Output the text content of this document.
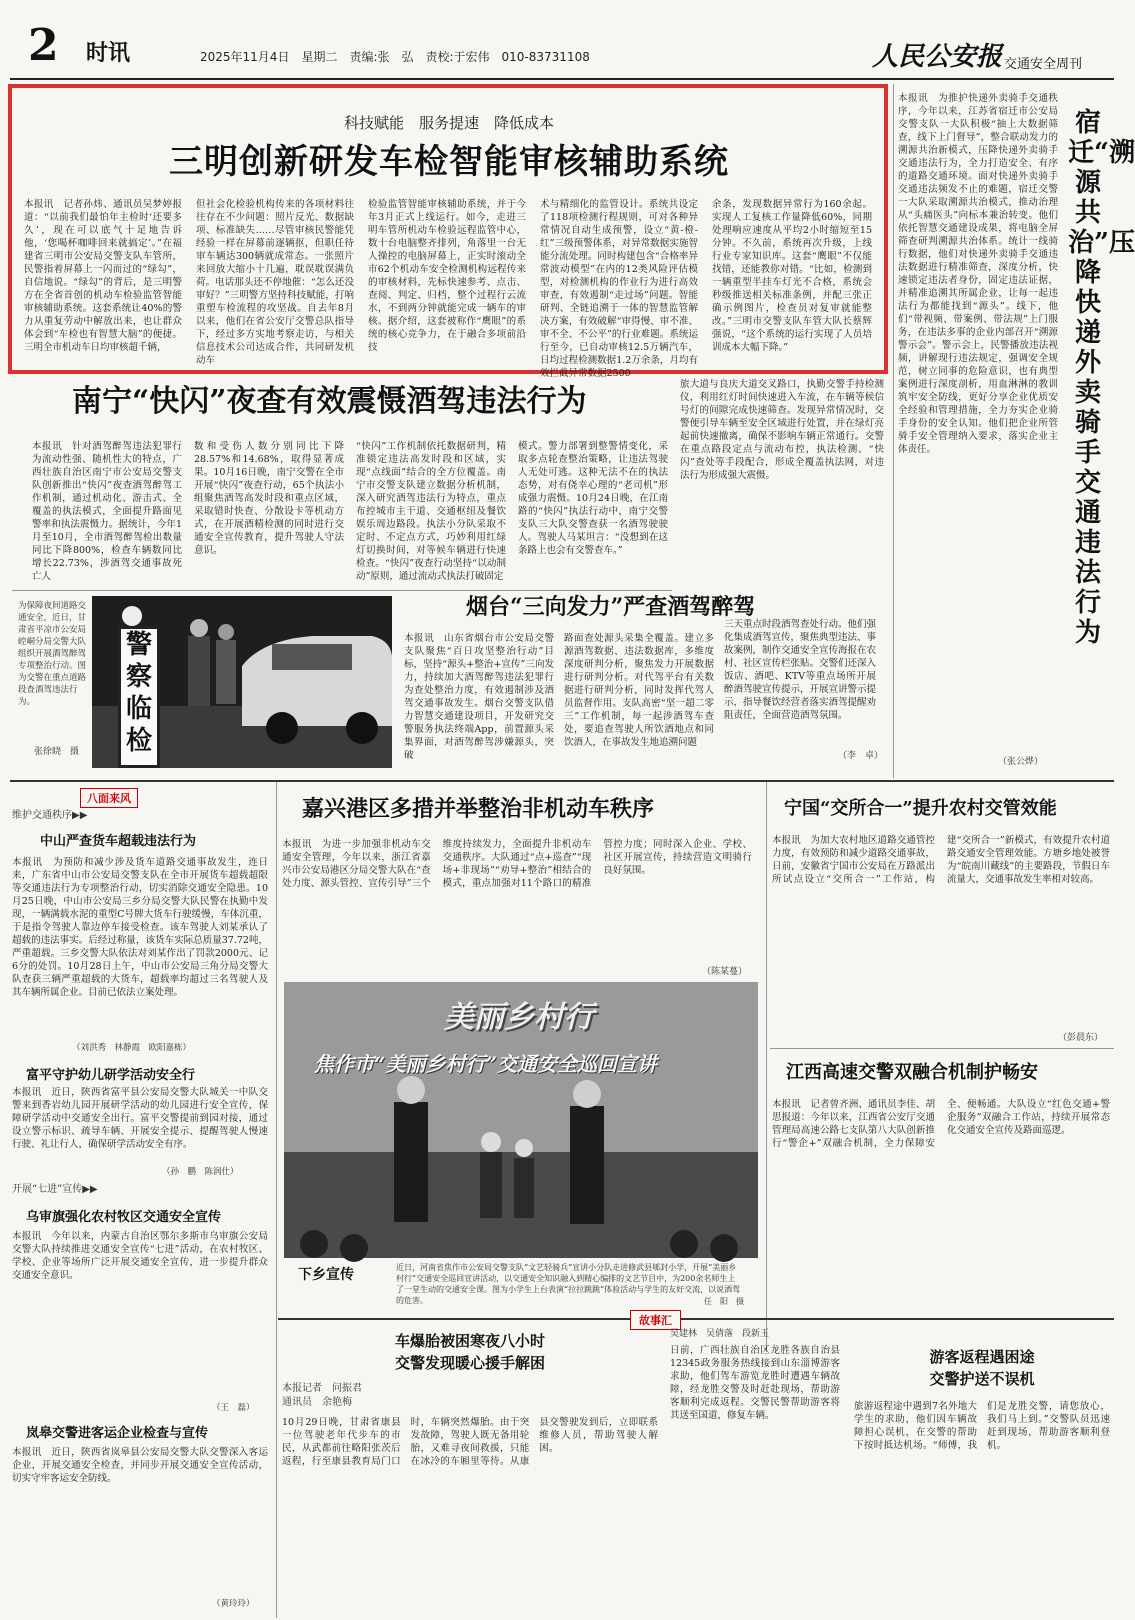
2 时讯	2025年11月4日　星期二　责编:张　弘　责校:于宏伟　010-83731108	人民公安报 交通安全周刊
科技赋能　服务提速　降低成本
三明创新研发车检智能审核辅助系统
本报讯　记者孙炜、通讯员吴梦婷报道：“以前我们最怕年主检时‘还要多久’，现在可以底气十足地告诉他，‘您喝杯咖啡回来就搞定’。”在福建省三明市公安局交警支队车管所，民警指着屏幕上一闪而过的“绿勾”，自信地说。“绿勾”的背后，是三明警方在全省首创的机动车检验监管智能审核辅助系统。这套系统让40%的警力从重复劳动中解放出来，也让群众体会到“车检也有智慧大脑”的便捷。三明全市机动车日均审核超千辆，
但社会化检验机构传来的各项材料往往存在不少问题：照片反光、数据缺项、标准缺失……尽管审核民警能凭经验一样在屏幕前逐辆抠，但职任待审车辆达300辆就成常态。一张照片来回放大缩小十几遍，耽误耽误满负荷。电话那头还不停地催：“怎么还没审好？”三明警方坚持科技赋能，打响重塑车检流程的攻坚战。自去年8月以来，他们在省公安厅交警总队指导下，经过多方实地考察走访，与相关信息技术公司达成合作，共同研发机动车
检验监管智能审核辅助系统，并于今年3月正式上线运行。如今，走进三明车管所机动车检验远程监管中心，数十台电脑整齐排列，角落里一台无人操控的电脑屏幕上，正实时滚动全市62个机动车安全检测机构远程传来的审核材料，先标快速参考、点击、查阅、判定、归档，整个过程行云流水，不到两分钟就能完成一辆车的审核。据介绍，这套被称作“鹰眼”的系统的核心竞争力，在于融合多项前沿技
术与精细化的监管设计。系统共设定了118项检测行程规则，可对各种异常情况自动生成预警，设立“黄-橙-红”三级预警体系，对异常数据实施智能分流处理。同时构建包含“合格率异常波动模型”在内的12类风险评估模型，对检测机构的作业行为进行高效审查，有效遏制“走过场”问题。智能研判、全链追溯于一体的智慧监管解决方案，有效破解“审得慢、审不准、审不全、不公平”的行业难题。系统运行至今，已自动审核12.5万辆汽车，日均过程检测数据1.2万余条，月均有效拦截异常数据2500
余条，发现数据异常行为160余起。实现人工复核工作量降低60%，同期处理响应速度从平均2小时缩短至15分钟。不久前，系统再次升级，上线行业专家知识库。这套“鹰眼”不仅能找错，还能教你对错。“比如，检测到一辆重型半挂车灯光不合格，系统会秒级推送相关标准条例，并配三张正确示例图片，检查员对复审就能整改。”三明市交警支队车管大队长蔡辉强说，“这个系统的运行实现了人员培训成本大幅下降。”
本报讯　为推护快递外卖骑手交通秩序，今年以来，江苏省宿迁市公安局交警支队一大队积极“抽上大数据筛查，线下上门督导”，整合联动发力的溯源共治新模式，压降快递外卖骑手交通违法行为，全力打造安全、有序的道路交通环境。面对快递外卖骑手交通违法频发不止的难题，宿迁交警一大队采取溯源共治模式，推动治理从“头痛医头”向标本兼治转变。他们依托智慧交通建设成果，将电脑全屏筛查研判溯源共治体系。统计一线骑行数据，他们对快递外卖骑手交通违法数据进行精准筛查，深度分析，快速锁定违法者身份，固定违法证据，并精准追溯其所属企业，让每一起违法行为都能找到“源头”。线下，他们“带视频、带案例、带法规”上门服务，在违法多事的企业内部召开“溯源警示会”。警示会上，民警播放违法视频，讲解现行违法规定，强调安全规范，树立同事的危险意识，也有典型案例进行深度剖析，用血淋淋的教训筑牢安全防线，更好分享企业优质安全经验和管理措施，全力夯实企业骑手身份的安全认知。他们把企业所管骑手安全管理纳入要求，落实企业主体责任。
宿迁“溯源共治”压降快递外卖骑手交通违法行为
（张公烨）
南宁“快闪”夜查有效震慑酒驾违法行为
本报讯　针对酒驾醉驾违法犯罪行为流动性强、随机性大的特点，广西壮族自治区南宁市公安局交警支队创新推出“快闪”夜查酒驾醉驾工作机制，通过机动化、游击式、全覆盖的执法模式，全面提升路面见警率和执法震慑力。据统计，今年1月至10月，全市酒驾醉驾检出数量同比下降800%，检查车辆数同比增长22.73%，涉酒驾交通事故死亡人
数和受伤人数分别同比下降28.57%和14.68%，取得显著成果。10月16日晚，南宁交警在全市开展“快闪”夜查行动，65个执法小组聚焦酒驾高发时段和重点区域，采取错时快查、分散设卡等机动方式，在开展酒精检测的同时进行交通安全宣传教育，提升驾驶人守法意识。
“快闪”工作机制依托数据研判，精准锁定违法高发时段和区域，实现“点线面”结合的全方位覆盖。南宁市交警支队建立数据分析机制，深入研究酒驾违法行为特点，重点布控城市主干道、交通枢纽及餐饮娱乐周边路段。执法小分队采取不定时、不定点方式，巧妙利用红绿灯切换时间，对等候车辆进行快速检查。“快闪”夜查行动坚持“以动制动”原则，通过流动式执法打破固定
模式。警力部署到整警情变化，采取多点轮查整治策略，让违法驾驶人无处可逃。这种无法不在的执法态势，对有侥幸心理的“老司机”形成强力震慑。10月24日晚，在江南路的“快闪”执法行动中，南宁交警支队三大队交警查获一名酒驾驶驶人。驾驶人马某坦言：“没想到在这条路上也会有交警查车。”
旅大道与良庆大道交叉路口，执勤交警手持检测仪，利用红灯时间快速进入车流，在车辆等候信号灯的间隙完成快速筛查。发现异常情况时，交警便引导车辆至安全区域进行处置，并在绿灯亮起前快速撤离，确保不影响车辆正常通行。交警在重点路段定点与流动布控，执法检测、“快闪”查处等手段配合，形成全覆盖执法网，对违法行为形成强大震慑。
为保障夜间道路交通安全，近日，甘肃省平凉市公安局崆峒分局交警大队组织开展酒驾醉驾专项整治行动。图为交警在重点道路段查酒驾违法行为。
张徐晓　摄
警察临检
烟台“三向发力”严查酒驾醉驾
本报讯　山东省烟台市公安局交警支队聚焦“百日攻坚整治行动”目标，坚持“源头+整治+宣传”三向发力，持续加大酒驾醉驾违法犯罪行为查处整治力度，有效遏制涉及酒驾交通事故发生。烟台交警支队借力智慧交通建设项目，开发研究交警服务执法终端App，前置源头采集界面，对酒驾醉驾涉嫌源头，突破
路面查处源头采集全覆盖。建立多源酒驾数据、违法数据库，多维度深度研判分析，聚焦发力开展数据进行研判分析。对代驾平台有关数据进行研判分析，同时发挥代驾人员监督作用。支队高密“坚一超二零三”工作机制，每一起涉酒驾车查处，要追查驾驶人所饮酒地点和同饮酒人，在事故发生地追溯问题
三天重点时段酒驾查处行动。他们强化集成酒驾宣传，聚焦典型违法、事故案例，制作交通安全宣传海报在农村、社区宣传栏张贴。交警们还深入饭店、酒吧、KTV等重点场所开展醉酒驾驶宣传提示，开展宣讲警示提示，指导餐饮经营者落实酒驾提醒劝阻责任，全面营造酒驾氛围。
（李　卓）
八面来风
维护交通秩序▶▶
中山严查货车超载违法行为
本报讯　为预防和减少涉及货车道路交通事故发生，连日来，广东省中山市公安局交警支队在全市开展货车超载超限等交通违法行为专项整治行动，切实消除交通安全隐患。10月25日晚，中山市公安局三乡分局交警大队民警在执勤中发现，一辆满载水泥的重型C号牌大货车行驶缓慢，车体沉重，于是指令驾驶人靠边停车接受检查。该车驾驶人刘某承认了超载的违法事实。后经过称量，该货车实际总质量37.72吨，严重超载。三乡交警大队依法对刘某作出了罚款2000元、记6分的处罚。10月28日上午，中山市公安局三角分局交警大队查获三辆严重超载的大货车，超载率均超过三名驾驶人及其车辆所属企业。目前已依法立案处理。
（刘洪秀　林静霞　欧阳嘉栋）
富平守护幼儿研学活动安全行
本报讯　近日，陕西省富平县公安局交警大队城关一中队交警来到香岩幼儿园开展研学活动的幼儿园进行安全宣传，保障研学活动中交通安全出行。富平交警提前到园对接，通过设立警示标识、疏导车辆、开展安全提示、提醒驾驶人慢速行驶、礼让行人，确保研学活动安全有序。
（孙　鹏　陈润仕）
开展“七进”宣传▶▶
乌审旗强化农村牧区交通安全宣传
本报讯　今年以来，内蒙古自治区鄂尔多斯市乌审旗公安局交警大队持续推进交通安全宣传“七进”活动，在农村牧区、学校、企业等场所广泛开展交通安全宣传，进一步提升群众交通安全意识。
（王　磊）
岚皋交警进客运企业检查与宣传
本报讯　近日，陕西省岚皋县公安局交警大队交警深入客运企业，开展交通安全检查，并同步开展交通安全宣传活动，切实守牢客运安全防线。
（黄玲玲）
嘉兴港区多措并举整治非机动车秩序
本报讯　为进一步加强非机动车交通安全管理，今年以来，浙江省嘉兴市公安局港区分局交警大队在“查处力度、源头管控、宣传引导”三个维度持续发力，全面提升非机动车交通秩序。大队通过“点+巡查”“现场+非现场”“劝导+整治”相结合的模式，重点加强对11个路口的精准管控力度；同时深入企业、学校、社区开展宣传，持续营造文明骑行良好氛围。
（陈某蔓）
宁国“交所合一”提升农村交管效能
本报讯　为加大农村地区道路交通管控力度，有效预防和减少道路交通事故，日前，安徽省宁国市公安局在万路派出所试点设立“交所合一”工作站，构建“交所合一”新模式，有效提升农村道路交通安全管理效能。方塘乡地处被誉为“皖南川藏线”的主要路段，节假日车流量大，交通事故发生率相对较高。
（彭晨东）
江西高速交警双融合机制护畅安
本报讯　记者曾齐洲、通讯员李佳、胡思报道：今年以来，江西省公安厅交通管理局高速公路七支队第八大队创新推行“警企+”双融合机制，全力保障安全、便畅通。大队设立“红色交通+警企服务”双融合工作站，持续开展常态化交通安全宣传及路面巡逻。
美丽乡村行
焦作市“美丽乡村行”交通安全巡回宣讲
下乡宣传	近日，河南省焦作市公安局交警支队“文艺轻骑兵”宣讲小分队走进修武县郇封小学，开展“美丽乡村行”交通安全巡回宣讲活动，以交通安全知识融入到精心编排的文艺节目中，为200余名师生上了一堂生动的交通安全课。图为小学生上台表演“拉拉跳跳”体验活动与学生的友好交流，以说酒驾的危害。	任　阳　摄
故事汇
车爆胎被困寒夜八小时
交警发现暖心援手解困
本报记者　问振君
通讯员　余艳梅
10月29日晚，甘肃省康县一位驾驶老年代步车的市民，从武都前往略阳张茨后返程，行至康县教育局门口时，车辆突然爆胎。由于突发故障，驾驶人既无备用轮胎，又难寻夜间救援，只能在冰冷的车厢里等待。从康县交警驶发到后，立即联系维修人员，帮助驾驶人解困。
吴建林　吴倩落　段新玉
日前，广西壮族自治区龙胜各族自治县12345政务服务热线接到山东淄博游客求助，他们驾车游览龙胜时遭遇车辆故障，经龙胜交警及时赶赴现场，帮助游客顺利完成返程。交警民警帮助游客将其送至国道，修复车辆。
游客返程遇困途
交警护送不误机
旅游返程途中遇到7名外地大学生的求助，他们因车辆故障担心误机，在交警的帮助下按时抵达机场。“师傅，我们是龙胜交警，请您放心，我们马上到。”交警队员迅速赶到现场，帮助游客顺利登机。
